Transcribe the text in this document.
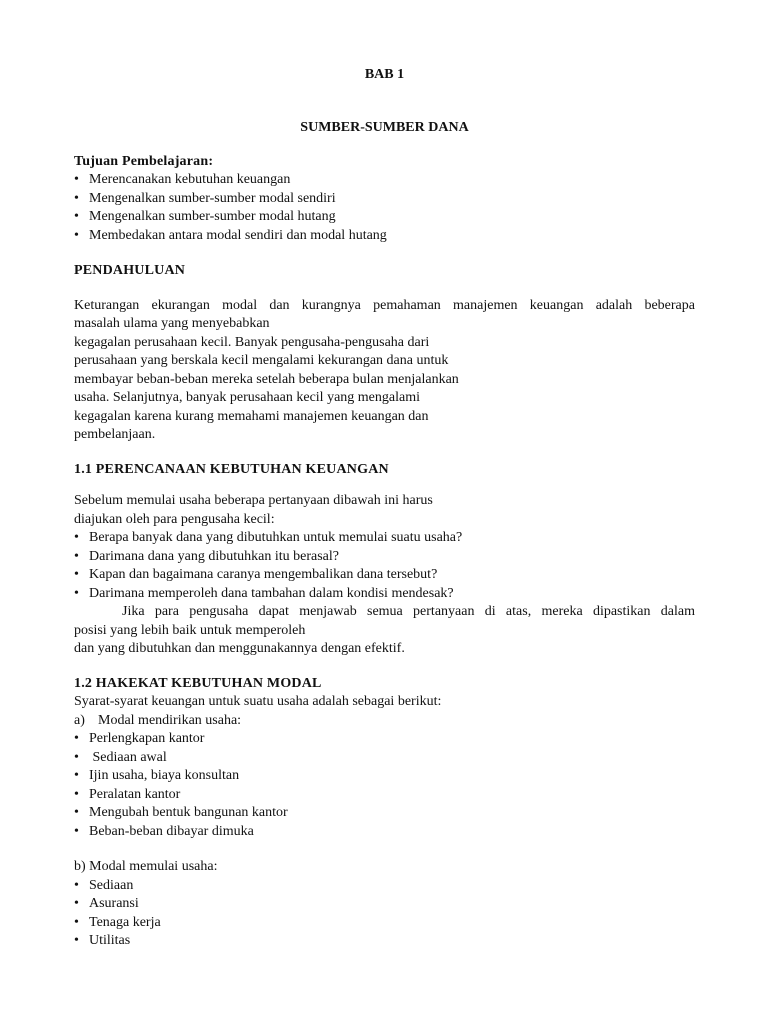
BAB 1
SUMBER-SUMBER DANA
Tujuan Pembelajaran:
• Merencanakan kebutuhan keuangan
• Mengenalkan sumber-sumber modal sendiri
• Mengenalkan sumber-sumber modal hutang
• Membedakan antara modal sendiri dan modal hutang
PENDAHULUAN
Keturangan ekurangan modal dan kurangnya pemahaman manajemen keuangan adalah beberapa
masalah ulama yang menyebabkan
kegagalan perusahaan kecil. Banyak pengusaha-pengusaha dari
perusahaan yang berskala kecil mengalami kekurangan dana untuk
membayar beban-beban mereka setelah beberapa bulan menjalankan
usaha. Selanjutnya, banyak perusahaan kecil yang mengalami
kegagalan karena kurang memahami manajemen keuangan dan
pembelanjaan.
1.1 PERENCANAAN KEBUTUHAN KEUANGAN
Sebelum memulai usaha beberapa pertanyaan dibawah ini harus
diajukan oleh para pengusaha kecil:
• Berapa banyak dana yang dibutuhkan untuk memulai suatu usaha?
• Darimana dana yang dibutuhkan itu berasal?
• Kapan dan bagaimana caranya mengembalikan dana tersebut?
• Darimana memperoleh dana tambahan dalam kondisi mendesak?
Jika para pengusaha dapat menjawab semua pertanyaan di atas, mereka dipastikan dalam
posisi yang lebih baik untuk memperoleh
dan yang dibutuhkan dan menggunakannya dengan efektif.
1.2 HAKEKAT KEBUTUHAN MODAL
Syarat-syarat keuangan untuk suatu usaha adalah sebagai berikut:
a) Modal mendirikan usaha:
• Perlengkapan kantor
•  Sediaan awal
• Ijin usaha, biaya konsultan
• Peralatan kantor
• Mengubah bentuk bangunan kantor
• Beban-beban dibayar dimuka
b) Modal memulai usaha:
• Sediaan
• Asuransi
• Tenaga kerja
• Utilitas
